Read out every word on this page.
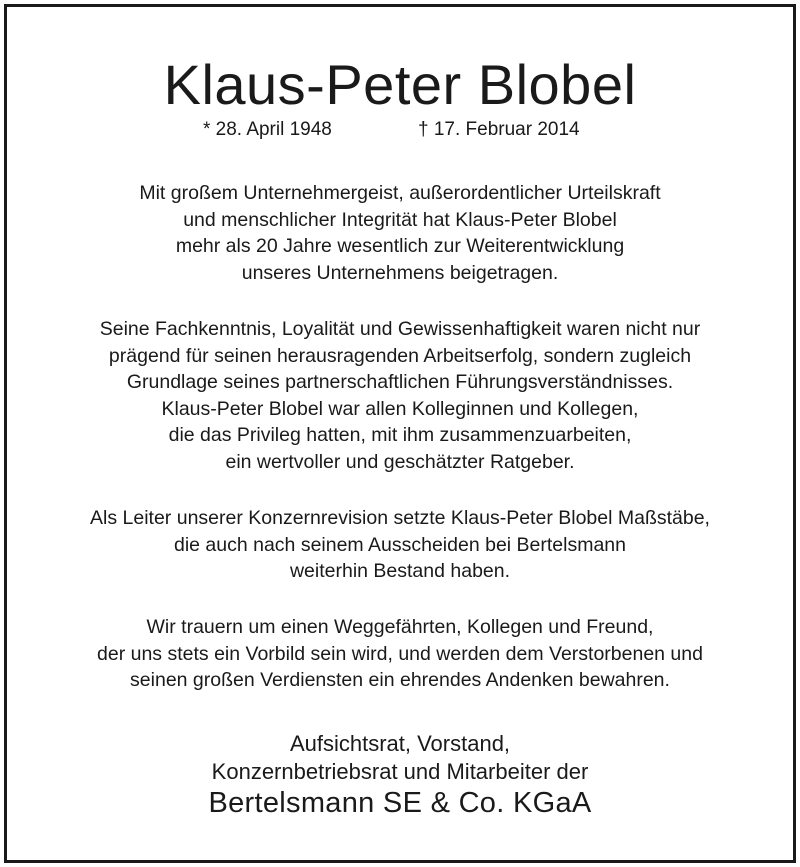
Klaus-Peter Blobel
* 28. April 1948	† 17. Februar 2014
Mit großem Unternehmergeist, außerordentlicher Urteilskraft
und menschlicher Integrität hat Klaus-Peter Blobel
mehr als 20 Jahre wesentlich zur Weiterentwicklung
unseres Unternehmens beigetragen.
Seine Fachkenntnis, Loyalität und Gewissenhaftigkeit waren nicht nur
prägend für seinen herausragenden Arbeitserfolg, sondern zugleich
Grundlage seines partnerschaftlichen Führungsverständnisses.
Klaus-Peter Blobel war allen Kolleginnen und Kollegen,
die das Privileg hatten, mit ihm zusammenzuarbeiten,
ein wertvoller und geschätzter Ratgeber.
Als Leiter unserer Konzernrevision setzte Klaus-Peter Blobel Maßstäbe,
die auch nach seinem Ausscheiden bei Bertelsmann
weiterhin Bestand haben.
Wir trauern um einen Weggefährten, Kollegen und Freund,
der uns stets ein Vorbild sein wird, und werden dem Verstorbenen und
seinen großen Verdiensten ein ehrendes Andenken bewahren.
Aufsichtsrat, Vorstand,
Konzernbetriebsrat und Mitarbeiter der
Bertelsmann SE & Co. KGaA
